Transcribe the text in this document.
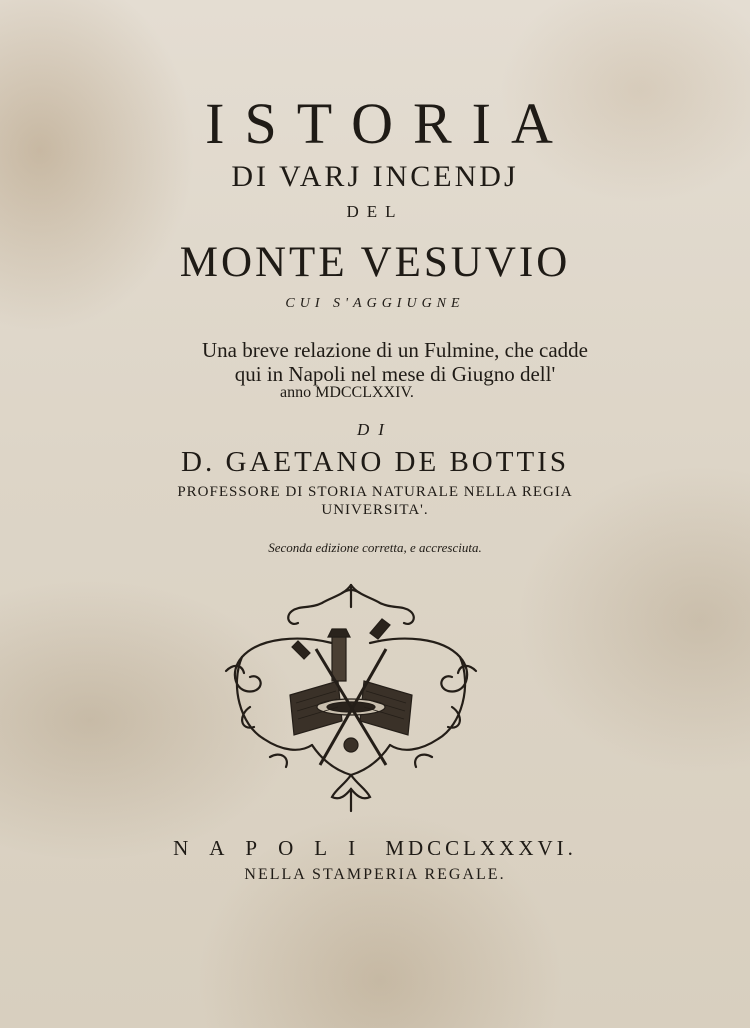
ISTORIA
DI VARJ INCENDJ
DEL
MONTE VESUVIO
CUI S'AGGIUGNE
Una breve relazione di un Fulmine, che cadde
qui in Napoli nel mese di Giugno dell'
anno MDCCLXXIV.
DI
D. GAETANO DE BOTTIS
PROFESSORE DI STORIA NATURALE NELLA REGIA
UNIVERSITA'.
Seconda edizione corretta, e accresciuta.
NAPOLI MDCCLXXXVI.
NELLA STAMPERIA REGALE.
